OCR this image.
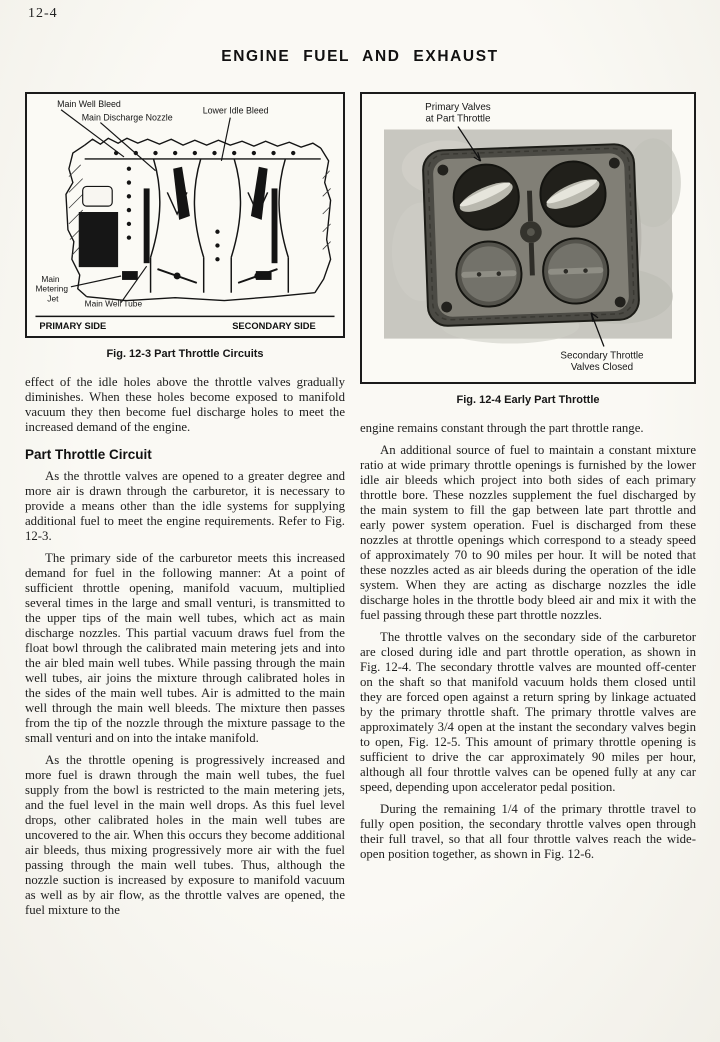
12-4
ENGINE FUEL AND EXHAUST
Main Well Bleed
Main Discharge Nozzle
Lower Idle Bleed
Main
Metering
Jet	Main Well Tube
PRIMARY SIDE	SECONDARY SIDE
Fig. 12-3 Part Throttle Circuits

effect of the idle holes above the throttle valves gradually diminishes. When these holes become exposed to manifold vacuum they then become fuel discharge holes to meet the increased demand of the engine.

Part Throttle Circuit

As the throttle valves are opened to a greater degree and more air is drawn through the carburetor, it is necessary to provide a means other than the idle systems for supplying additional fuel to meet the engine requirements. Refer to Fig. 12-3.

The primary side of the carburetor meets this increased demand for fuel in the following manner: At a point of sufficient throttle opening, manifold vacuum, multiplied several times in the large and small venturi, is transmitted to the upper tips of the main well tubes, which act as main discharge nozzles. This partial vacuum draws fuel from the float bowl through the calibrated main metering jets and into the air bled main well tubes. While passing through the main well tubes, air joins the mixture through calibrated holes in the sides of the main well tubes. Air is admitted to the main well through the main well bleeds. The mixture then passes from the tip of the nozzle through the mixture passage to the small venturi and on into the intake manifold.

As the throttle opening is progressively increased and more fuel is drawn through the main well tubes, the fuel supply from the bowl is restricted to the main metering jets, and the fuel level in the main well drops. As this fuel level drops, other calibrated holes in the main well tubes are uncovered to the air. When this occurs they become additional air bleeds, thus mixing progressively more air with the fuel passing through the main well tubes. Thus, although the nozzle suction is increased by exposure to manifold vacuum as well as by air flow, as the throttle valves are opened, the fuel mixture to the

Primary Valves
at Part Throttle
Secondary Throttle
Valves Closed
Fig. 12-4 Early Part Throttle

engine remains constant through the part throttle range.

An additional source of fuel to maintain a constant mixture ratio at wide primary throttle openings is furnished by the lower idle air bleeds which project into both sides of each primary throttle bore. These nozzles supplement the fuel discharged by the main system to fill the gap between late part throttle and early power system operation. Fuel is discharged from these nozzles at throttle openings which correspond to a steady speed of approximately 70 to 90 miles per hour. It will be noted that these nozzles acted as air bleeds during the operation of the idle system. When they are acting as discharge nozzles the idle discharge holes in the throttle body bleed air and mix it with the fuel passing through these part throttle nozzles.

The throttle valves on the secondary side of the carburetor are closed during idle and part throttle operation, as shown in Fig. 12-4. The secondary throttle valves are mounted off-center on the shaft so that manifold vacuum holds them closed until they are forced open against a return spring by linkage actuated by the primary throttle shaft. The primary throttle valves are approximately 3/4 open at the instant the secondary valves begin to open, Fig. 12-5. This amount of primary throttle opening is sufficient to drive the car approximately 90 miles per hour, although all four throttle valves can be opened fully at any car speed, depending upon accelerator pedal position.

During the remaining 1/4 of the primary throttle travel to fully open position, the secondary throttle valves open through their full travel, so that all four throttle valves reach the wide-open position together, as shown in Fig. 12-6.
